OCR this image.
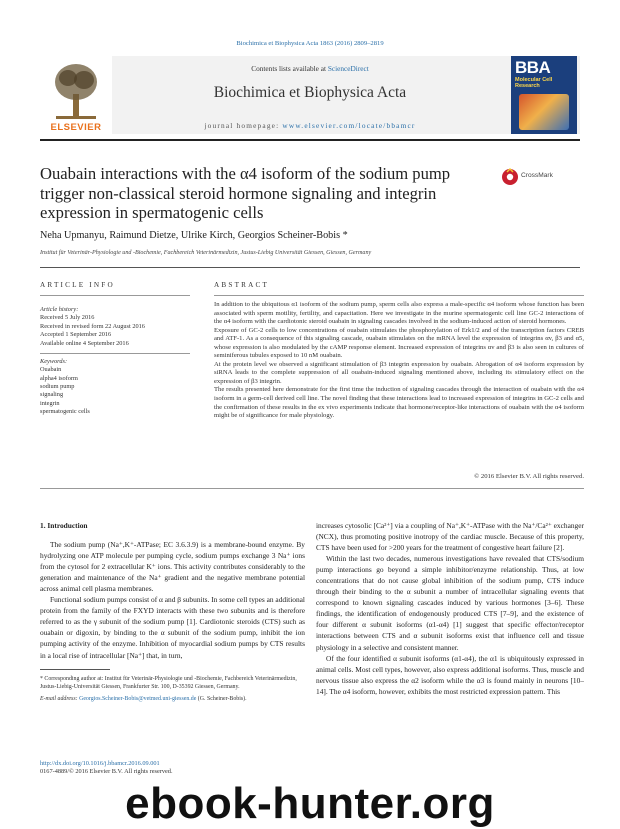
Biochimica et Biophysica Acta 1863 (2016) 2809–2819
ELSEVIER
Contents lists available at ScienceDirect
Biochimica et Biophysica Acta
journal homepage: www.elsevier.com/locate/bbamcr
BBA
Molecular Cell Research
Ouabain interactions with the α4 isoform of the sodium pump trigger non-classical steroid hormone signaling and integrin expression in spermatogenic cells
CrossMark
Neha Upmanyu, Raimund Dietze, Ulrike Kirch, Georgios Scheiner-Bobis *
Institut für Veterinär-Physiologie und -Biochemie, Fachbereich Veterinärmedizin, Justus-Liebig Universität Giessen, Giessen, Germany
ARTICLE INFO
Article history:
Received 5 July 2016
Received in revised form 22 August 2016
Accepted 1 September 2016
Available online 4 September 2016
Keywords:
Ouabain
alpha4 isoform
sodium pump
signaling
integrin
spermatogenic cells
ABSTRACT

In addition to the ubiquitous α1 isoform of the sodium pump, sperm cells also express a male-specific α4 isoform whose function has been associated with sperm motility, fertility, and capacitation. Here we investigate in the murine spermatogenic cell line GC-2 interactions of the α4 isoform with the cardiotonic steroid ouabain in signaling cascades involved in the sodium-induced action of steroid hormones.

Exposure of GC-2 cells to low concentrations of ouabain stimulates the phosphorylation of Erk1/2 and of the transcription factors CREB and ATF-1. As a consequence of this signaling cascade, ouabain stimulates on the mRNA level the expression of integrins αv, β3 and α5, whose expression is also modulated by the cAMP response element. Increased expression of integrins αv and β3 is also seen in cultures of seminiferous tubules exposed to 10 nM ouabain.

At the protein level we observed a significant stimulation of β3 integrin expression by ouabain. Abrogation of α4 isoform expression by siRNA leads to the complete suppression of all ouabain-induced signaling mentioned above, including its stimulatory effect on the expression of β3 integrin.

The results presented here demonstrate for the first time the induction of signaling cascades through the interaction of ouabain with the α4 isoform in a germ-cell derived cell line. The novel finding that these interactions lead to increased expression of integrins in GC-2 cells and the confirmation of these results in the ex vivo experiments indicate that hormone/receptor-like interactions of ouabain with the α4 isoform might be of significance for male physiology.

© 2016 Elsevier B.V. All rights reserved.

1. Introduction

The sodium pump (Na⁺,K⁺-ATPase; EC 3.6.3.9) is a membrane-bound enzyme. By hydrolyzing one ATP molecule per pumping cycle, sodium pumps exchange 3 Na⁺ ions from the cytosol for 2 extracellular K⁺ ions. This activity contributes considerably to the generation and maintenance of the Na⁺ gradient and the negative membrane potential across animal cell plasma membranes.

Functional sodium pumps consist of α and β subunits. In some cell types an additional protein from the family of the FXYD interacts with these two subunits and is therefore referred to as the γ subunit of the sodium pump [1]. Cardiotonic steroids (CTS) such as ouabain or digoxin, by binding to the α subunit of the sodium pump, inhibit the ion pumping activity of the enzyme. Inhibition of myocardial sodium pumps by CTS results in a local rise of intracellular [Na⁺] that, in turn,

increases cytosolic [Ca²⁺] via a coupling of Na⁺,K⁺-ATPase with the Na⁺/Ca²⁺ exchanger (NCX), thus promoting positive inotropy of the cardiac muscle. Because of this property, CTS have been used for >200 years for the treatment of congestive heart failure [2].

Within the last two decades, numerous investigations have revealed that CTS/sodium pump interactions go beyond a simple inhibitor/enzyme relationship. Thus, at low concentrations that do not cause global inhibition of the sodium pump, CTS induce through their binding to the α subunit a number of intracellular signaling events that correspond to known signaling cascades induced by various hormones [3–6]. These findings, the identification of endogenously produced CTS [7–9], and the existence of four different α subunit isoforms (α1-α4) [1] suggest that specific effector/receptor interactions between CTS and α subunit isoforms exist that influence cell and tissue physiology in a selective and consistent manner.

Of the four identified α subunit isoforms (α1-α4), the α1 is ubiquitously expressed in animal cells. Most cell types, however, also express additional isoforms. Thus, muscle and nervous tissue also express the α2 isoform while the α3 is found mainly in neurons [10–14]. The α4 isoform, however, exhibits the most restricted expression pattern. This

* Corresponding author at: Institut für Veterinär-Physiologie und -Biochemie, Fachbereich Veterinärmedizin, Justus-Liebig-Universität Giessen, Frankfurter Str. 100, D-35392 Giessen, Germany.
E-mail address: Georgios.Scheiner-Bobis@vetmed.uni-giessen.de (G. Scheiner-Bobis).
http://dx.doi.org/10.1016/j.bbamcr.2016.09.001
0167-4889/© 2016 Elsevier B.V. All rights reserved.
ebook-hunter.org
